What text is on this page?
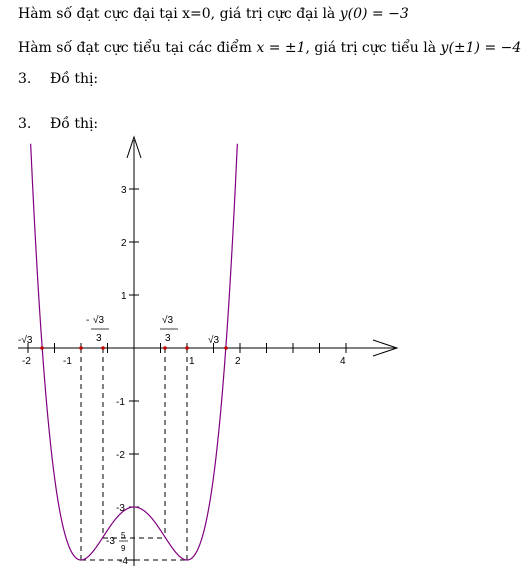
Hàm số đạt cực đại tại x=0, giá trị cực đại là y(0) = −3
Hàm số đạt cực tiểu tại các điểm x = ±1, giá trị cực tiểu là y(±1) = −4
3. Đồ thị:
3. Đồ thị:
-2	-1	1	2	4
3
2
1
-1
-2
-3
-4
-√3	√3
- √3
3
√3
3
-3
5
9
